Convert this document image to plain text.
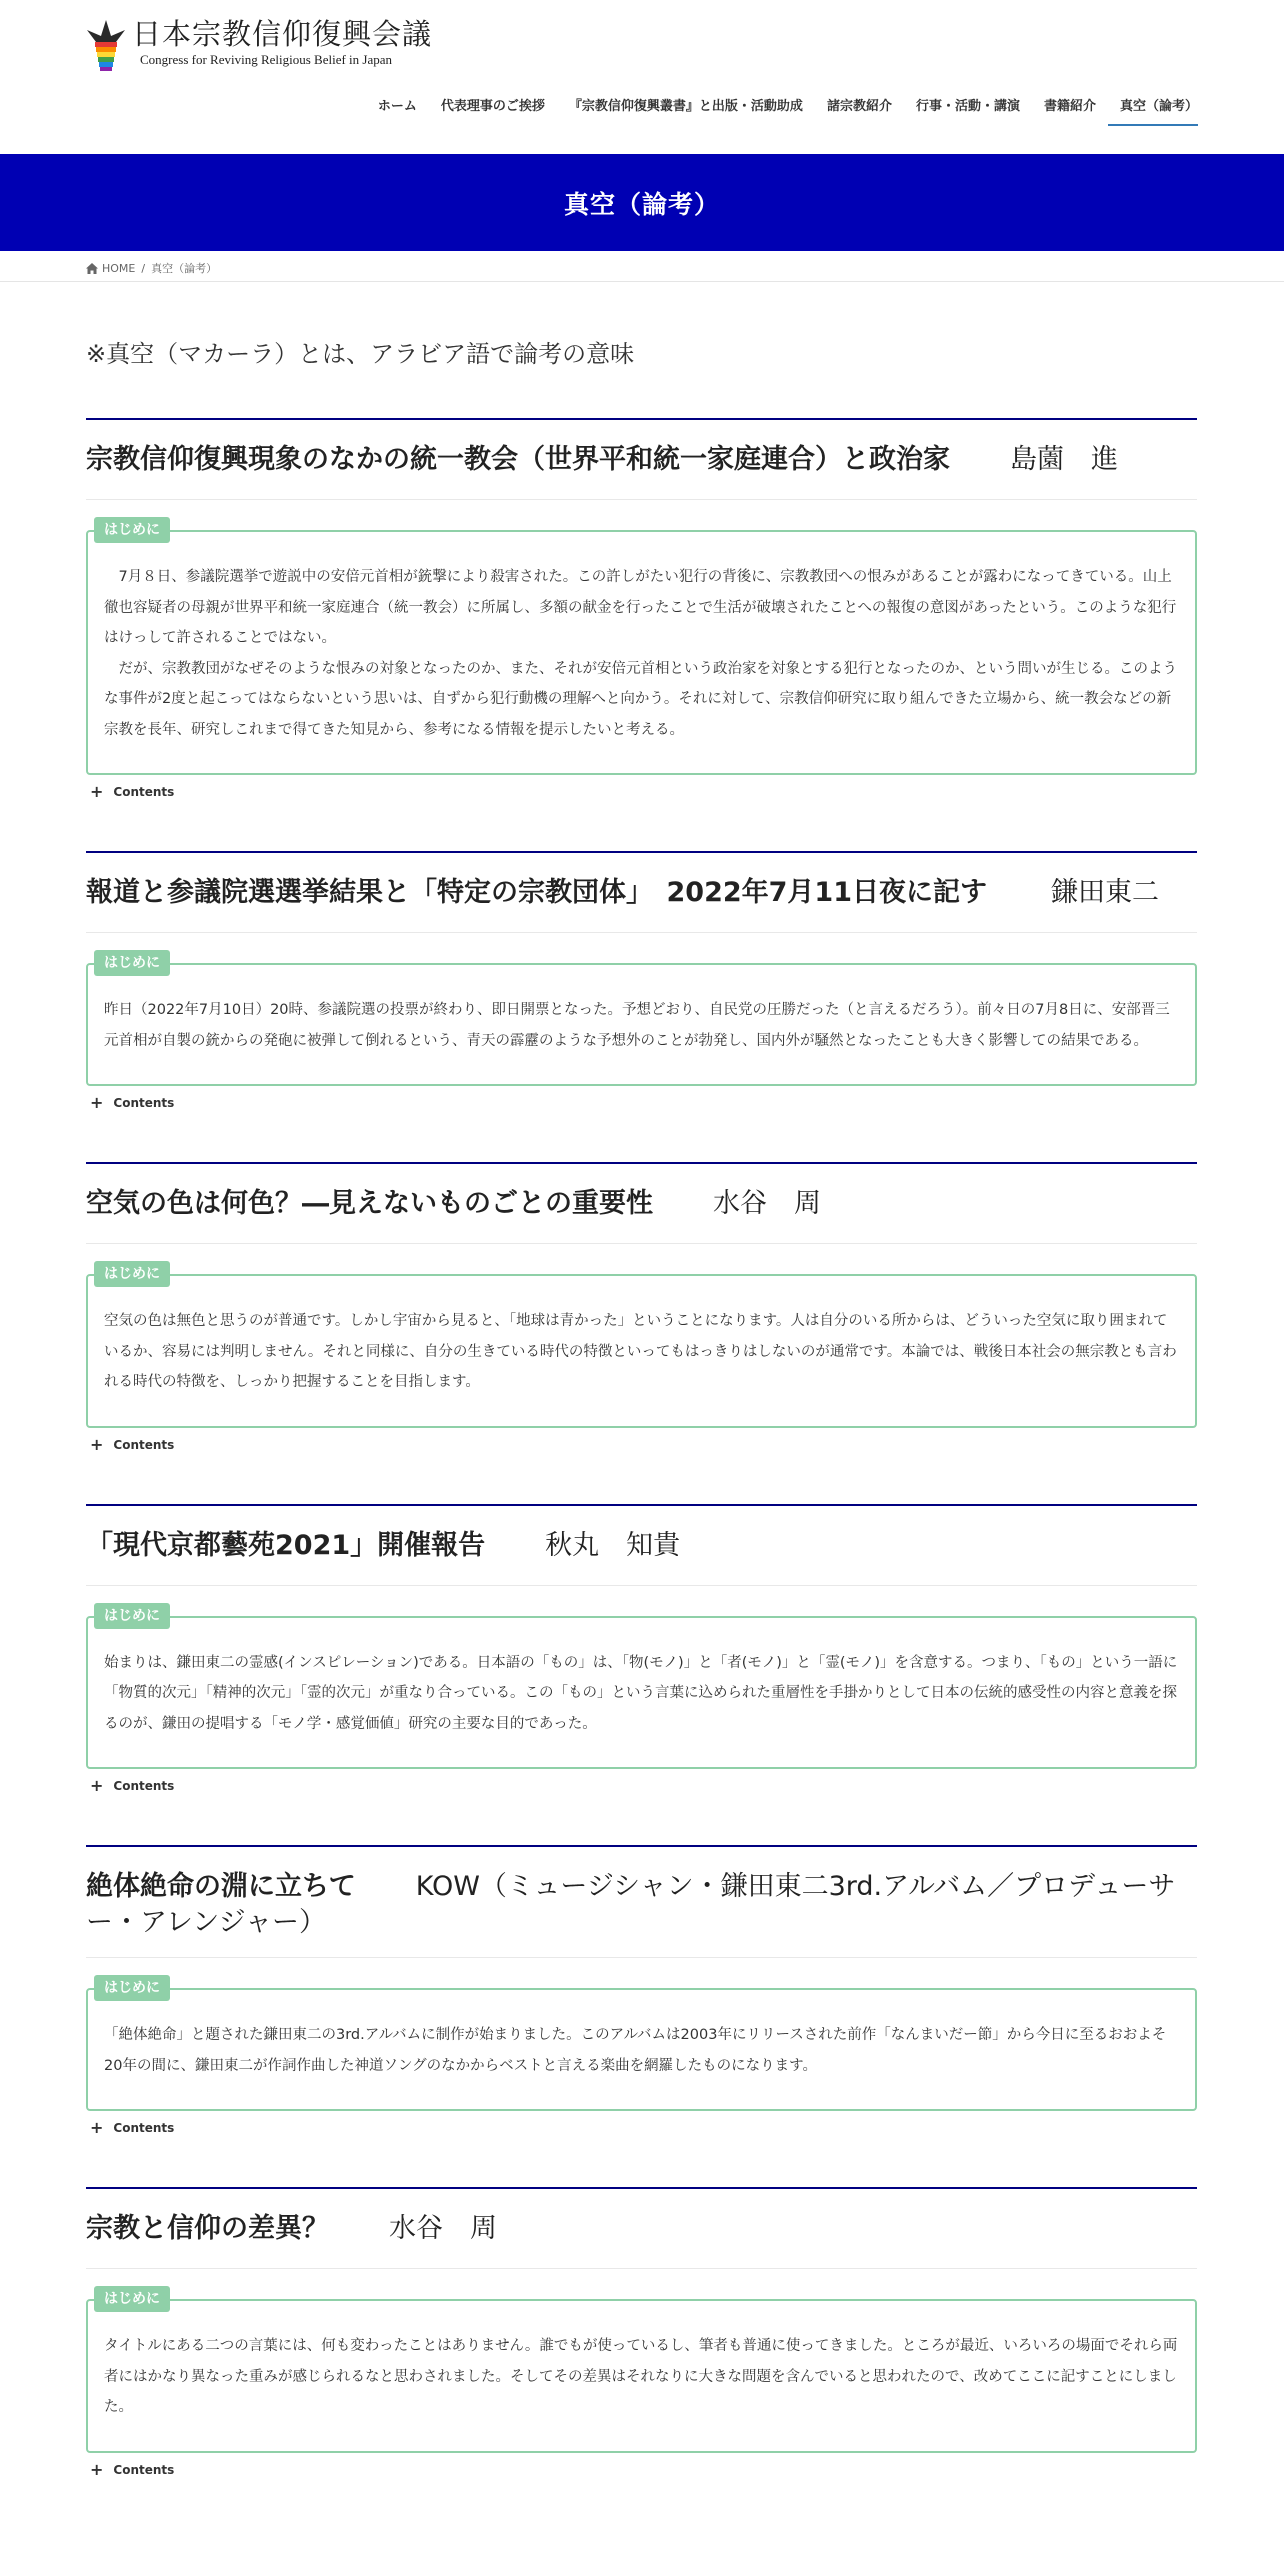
日本宗教信仰復興会議
Congress for Reviving Religious Belief in Japan
ホーム	代表理事のご挨拶	『宗教信仰復興叢書』と出版・活動助成	諸宗教紹介	行事・活動・講演	書籍紹介	真空（論考）
真空（論考）
HOME / 真空（論考）
※真空（マカーラ）とは、アラビア語で論考の意味
宗教信仰復興現象のなかの統一教会（世界平和統一家庭連合）と政治家 島薗　進
はじめに

　7月８日、参議院選挙で遊説中の安倍元首相が銃撃により殺害された。この許しがたい犯行の背後に、宗教教団への恨みがあることが露わになってきている。山上徹也容疑者の母親が世界平和統一家庭連合（統一教会）に所属し、多額の献金を行ったことで生活が破壊されたことへの報復の意図があったという。このような犯行はけっして許されることではない。

　だが、宗教教団がなぜそのような恨みの対象となったのか、また、それが安倍元首相という政治家を対象とする犯行となったのか、という問いが生じる。このような事件が2度と起こってはならないという思いは、自ずから犯行動機の理解へと向かう。それに対して、宗教信仰研究に取り組んできた立場から、統一教会などの新宗教を長年、研究しこれまで得てきた知見から、参考になる情報を提示したいと考える。

+ Contents
報道と参議院選選挙結果と「特定の宗教団体」　2022年7月11日夜に記す 鎌田東二
はじめに

昨日（2022年7月10日）20時、参議院選の投票が終わり、即日開票となった。予想どおり、自民党の圧勝だった（と言えるだろう）。前々日の7月8日に、安部晋三元首相が自製の銃からの発砲に被弾して倒れるという、青天の霹靂のような予想外のことが勃発し、国内外が騒然となったことも大きく影響しての結果である。

+ Contents
空気の色は何色？―見えないものごとの重要性 水谷　周
はじめに

空気の色は無色と思うのが普通です。しかし宇宙から見ると、「地球は青かった」ということになります。人は自分のいる所からは、どういった空気に取り囲まれているか、容易には判明しません。それと同様に、自分の生きている時代の特徴といってもはっきりはしないのが通常です。本論では、戦後日本社会の無宗教とも言われる時代の特徴を、しっかり把握することを目指します。

+ Contents
「現代京都藝苑2021」開催報告 秋丸　知貴
はじめに

始まりは、鎌田東二の霊感(インスピレーション)である。日本語の「もの」は、「物(モノ)」と「者(モノ)」と「霊(モノ)」を含意する。つまり、「もの」という一語に「物質的次元」「精神的次元」「霊的次元」が重なり合っている。この「もの」という言葉に込められた重層性を手掛かりとして日本の伝統的感受性の内容と意義を探るのが、鎌田の提唱する「モノ学・感覚価値」研究の主要な目的であった。

+ Contents
絶体絶命の淵に立ちて KOW（ミュージシャン・鎌田東二3rd.アルバム／プロデューサー・アレンジャー）
はじめに

「絶体絶命」と題された鎌田東二の3rd.アルバムに制作が始まりました。このアルバムは2003年にリリースされた前作「なんまいだー節」から今日に至るおおよそ20年の間に、鎌田東二が作詞作曲した神道ソングのなかからベストと言える楽曲を網羅したものになります。

+ Contents
宗教と信仰の差異？ 水谷　周
はじめに

タイトルにある二つの言葉には、何も変わったことはありません。誰でもが使っているし、筆者も普通に使ってきました。ところが最近、いろいろの場面でそれら両者にはかなり異なった重みが感じられるなと思わされました。そしてその差異はそれなりに大きな問題を含んでいると思われたので、改めてここに記すことにしました。

+ Contents
